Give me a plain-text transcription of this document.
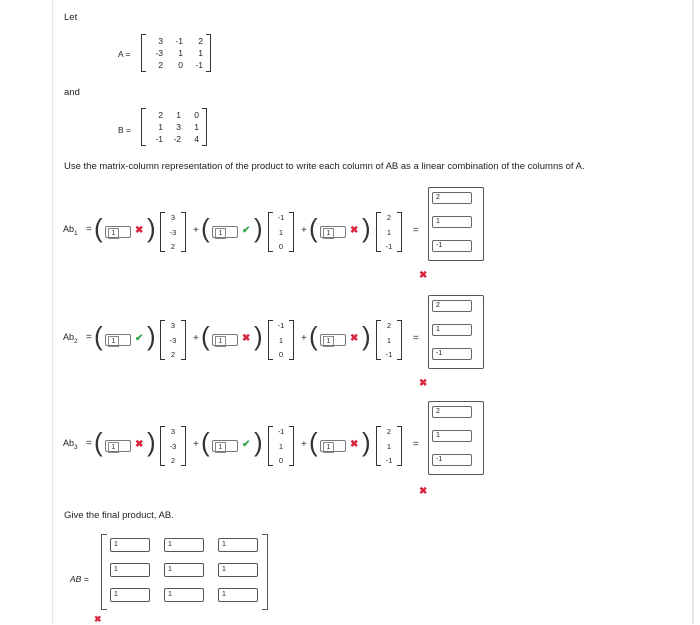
Let
A =
3	-1	2
-3	1	1
2	0	-1
and
B =
2	1	0
1	3	1
-1	-2	4
Use the matrix-column representation of the product to write each column of AB as a linear combination of the columns of A.
$Ab_1$ = (	1	✖ )	3
-3
2
+ (	1	✔ ) -1
1
0
+ (	1	✖ )	2
1
-1
=
2
1
-1
✖
$Ab_2$ = (	1	✔ )	3
-3
2
+ (	1	✖ ) -1
1
0
+ (	1	✖ )	2
1
-1
=
2
1
-1
✖
$Ab_3$ = (	1	✖ )	3
-3
2
+ (	1	✔ ) -1
1
0
+ (	1	✖ )	2
1
-1
=
2
1
-1
✖
Give the final product, AB.
AB =
1	1	1
1	1	1
1	1	1
✖
